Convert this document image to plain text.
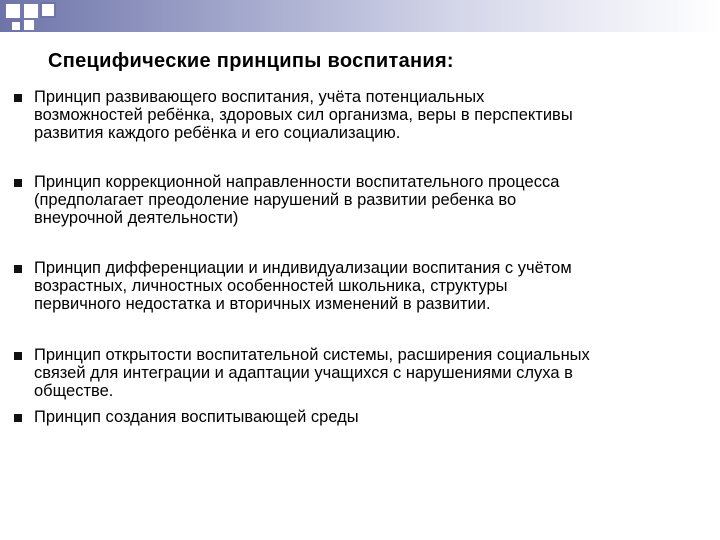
Специфические принципы воспитания:
Принцип развивающего воспитания, учёта потенциальных
возможностей ребёнка, здоровых сил организма, веры в перспективы
развития каждого ребёнка и его социализацию.
Принцип коррекционной направленности воспитательного процесса
(предполагает преодоление нарушений в развитии ребенка во
внеурочной деятельности)
Принцип дифференциации и индивидуализации воспитания с учётом
возрастных, личностных особенностей школьника, структуры
первичного недостатка и вторичных изменений в развитии.
Принцип открытости воспитательной системы, расширения социальных
связей для интеграции и адаптации учащихся с нарушениями слуха в
обществе.
Принцип создания воспитывающей среды
